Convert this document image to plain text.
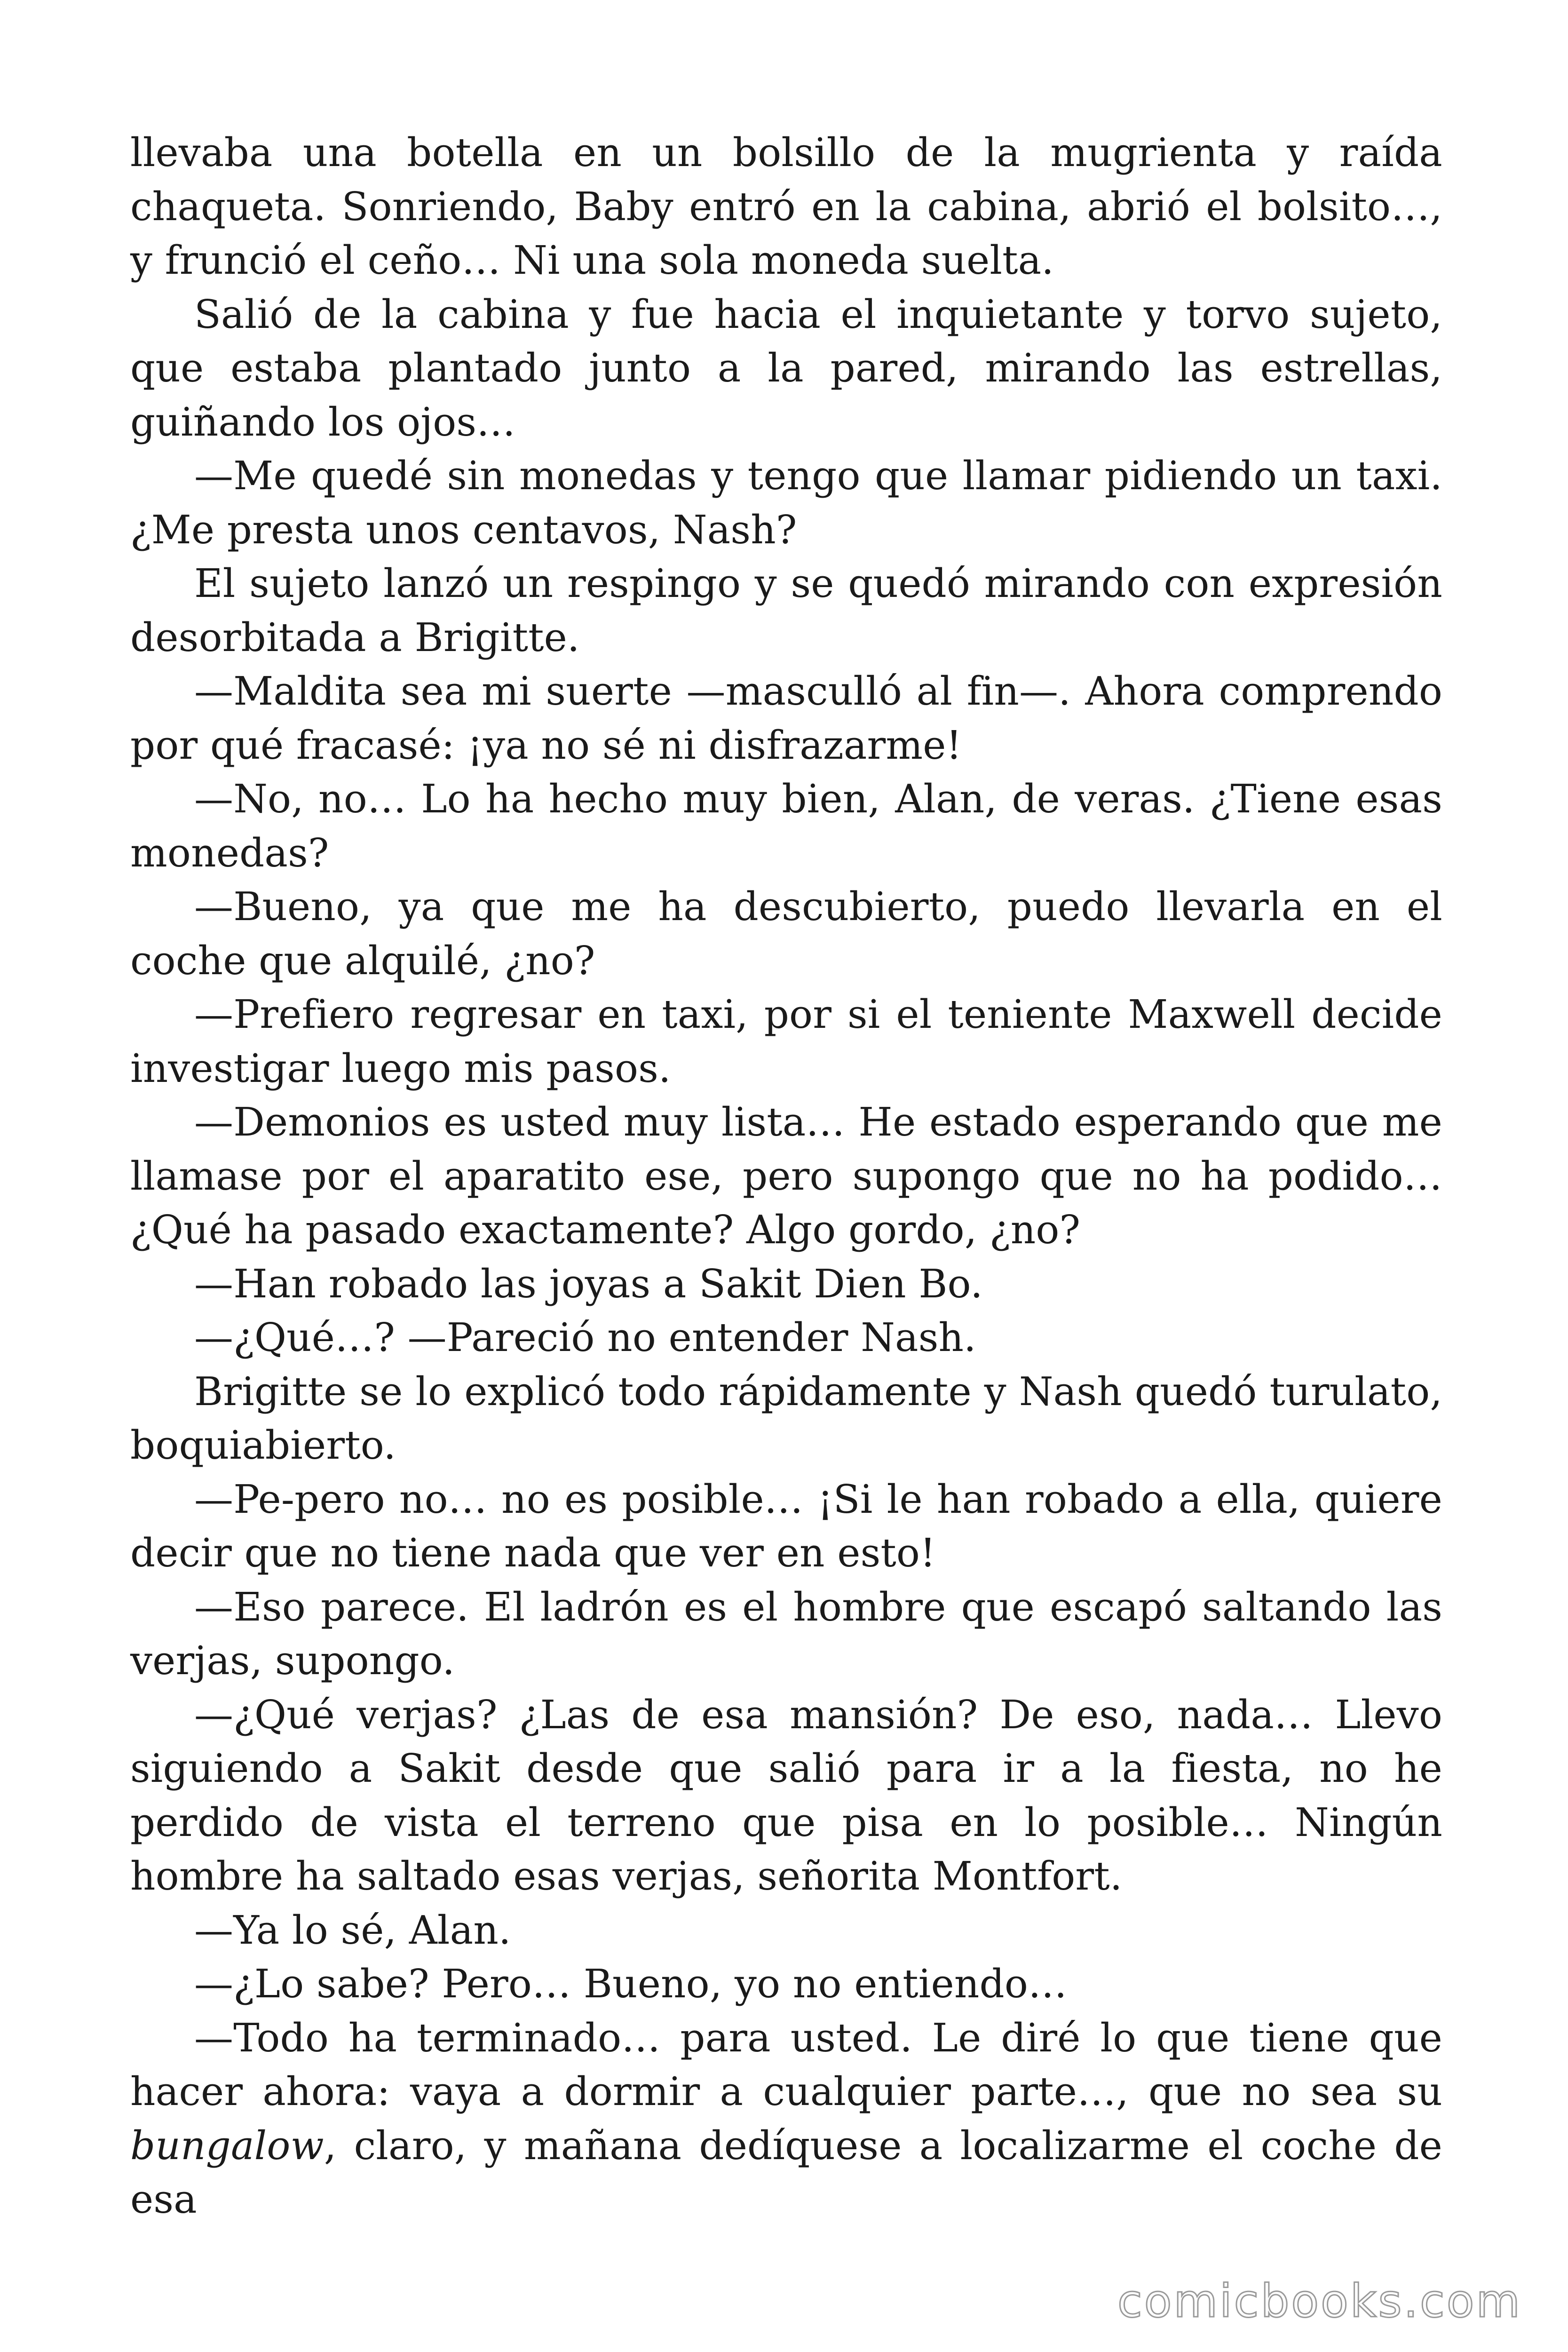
llevaba una botella en un bolsillo de la mugrienta y raída chaqueta. Sonriendo, Baby entró en la cabina, abrió el bolsito…, y frunció el ceño… Ni una sola moneda suelta.

Salió de la cabina y fue hacia el inquietante y torvo sujeto, que estaba plantado junto a la pared, mirando las estrellas, guiñando los ojos…

—Me quedé sin monedas y tengo que llamar pidiendo un taxi. ¿Me presta unos centavos, Nash?

El sujeto lanzó un respingo y se quedó mirando con expresión desorbitada a Brigitte.

—Maldita sea mi suerte —masculló al fin—. Ahora comprendo por qué fracasé: ¡ya no sé ni disfrazarme!

—No, no… Lo ha hecho muy bien, Alan, de veras. ¿Tiene esas monedas?

—Bueno, ya que me ha descubierto, puedo llevarla en el coche que alquilé, ¿no?

—Prefiero regresar en taxi, por si el teniente Maxwell decide investigar luego mis pasos.

—Demonios es usted muy lista… He estado esperando que me llamase por el aparatito ese, pero supongo que no ha podido… ¿Qué ha pasado exactamente? Algo gordo, ¿no?

—Han robado las joyas a Sakit Dien Bo.

—¿Qué…? —Pareció no entender Nash.

Brigitte se lo explicó todo rápidamente y Nash quedó turulato, boquiabierto.

—Pe-pero no… no es posible… ¡Si le han robado a ella, quiere decir que no tiene nada que ver en esto!

—Eso parece. El ladrón es el hombre que escapó saltando las verjas, supongo.

—¿Qué verjas? ¿Las de esa mansión? De eso, nada… Llevo siguiendo a Sakit desde que salió para ir a la fiesta, no he perdido de vista el terreno que pisa en lo posible… Ningún hombre ha saltado esas verjas, señorita Montfort.

—Ya lo sé, Alan.

—¿Lo sabe? Pero… Bueno, yo no entiendo…

—Todo ha terminado… para usted. Le diré lo que tiene que hacer ahora: vaya a dormir a cualquier parte…, que no sea su bungalow, claro, y mañana dedíquese a localizarme el coche de esa

comicbooks.com
